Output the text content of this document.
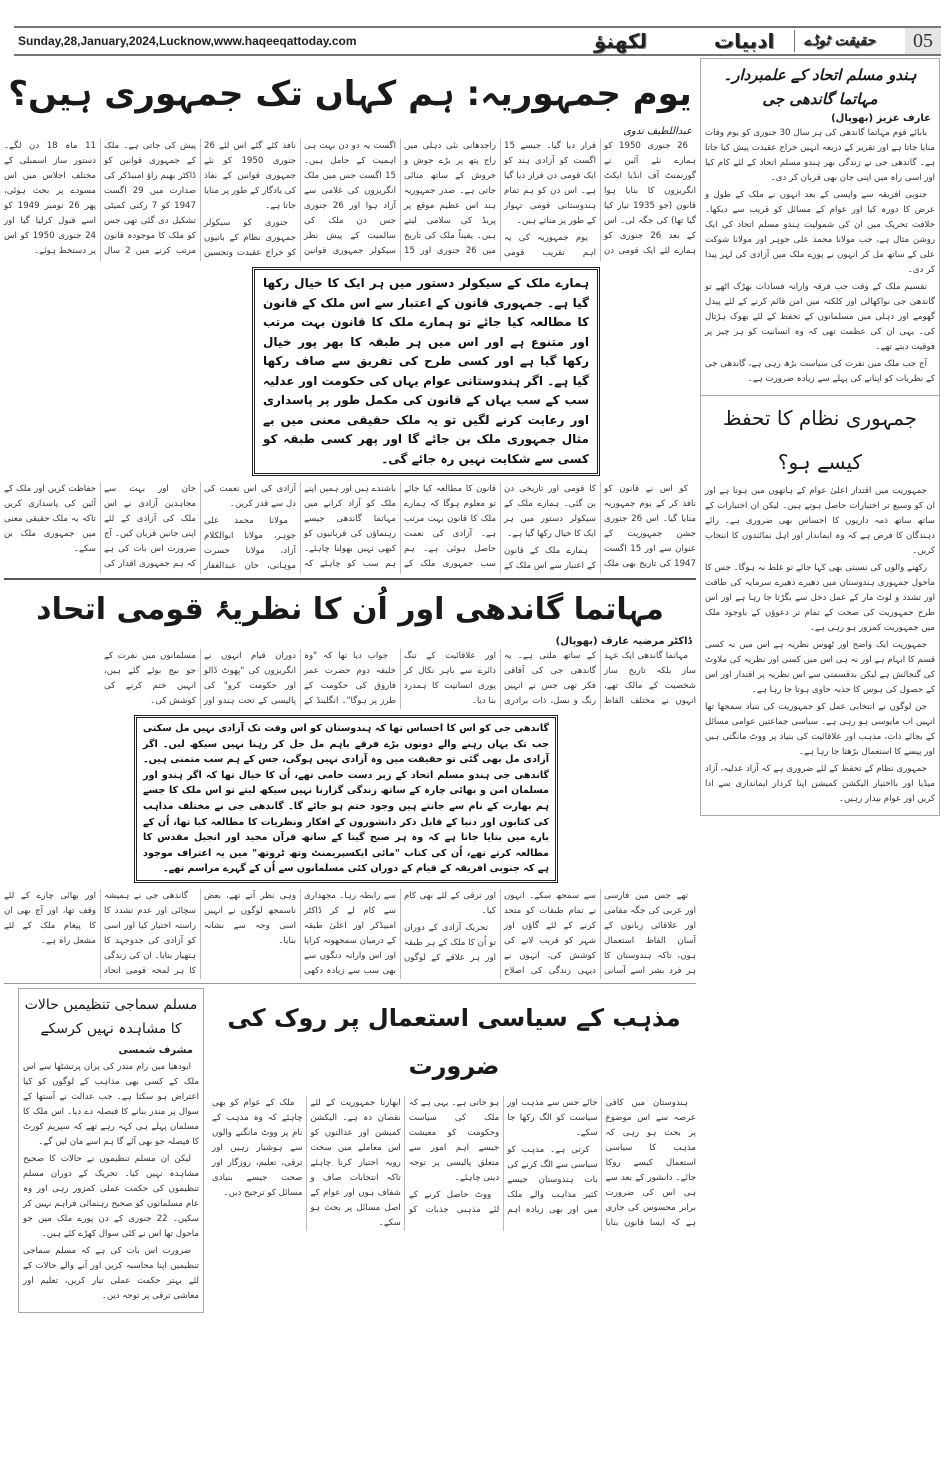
Sunday,28,January,2024,Lucknow,www.haqeeqattoday.com	لکھنؤ	ادبیات حقیقت ٹوڈے	05
یوم جمہوریہ: ہم کہاں تک جمہوری ہیں؟
عبداللطیف ندوی

26 جنوری 1950 کو ہمارے نئے آئین نے گورنمنٹ آف انڈیا ایکٹ انگریزوں کا بنایا ہوا قانون (جو 1935 تیار کیا گیا تھا) کی جگہ لی۔ اس کے بعد 26 جنوری کو ہمارے لئے ایک قومی دن قرار دیا گیا۔ جیسے 15 اگست کو آزادی ہند کو ایک قومی دن قرار دیا گیا ہے۔ اس دن کو ہم تمام ہندوستانی قومی تہوار کے طور پر مناتے ہیں۔

یوم جمہوریہ کی یہ اہم تقریب قومی راجدھانی نئی دہلی میں راج پتھ پر بڑے جوش و خروش کے ساتھ منائی جاتی ہے۔ صدر جمہوریہ ہند اس عظیم موقع پر پریڈ کی سلامی لیتے ہیں۔ یقیناً ملک کی تاریخ میں 26 جنوری اور 15 اگست یہ دو دن بہت ہی اہمیت کے حامل ہیں۔ 15 اگست جس میں ملک انگریزوں کی غلامی سے آزاد ہوا اور 26 جنوری جس دن ملک کی سالمیت کے پیش نظر سیکولر جمہوری قوانین نافذ کئے گئے اس لئے 26 جنوری 1950 کو نئے جمہوری قوانین کے نفاذ کی یادگار کے طور پر منایا جاتا ہے۔

جنوری کو سیکولر جمہوری نظام کے بانیوں کو خراج عقیدت وتحسین پیش کی جاتی ہے۔ ملک کے جمہوری قوانین کو ڈاکٹر بھیم راؤ امبیڈکر کی صدارت میں 29 اگست 1947 کو 7 رکنی کمیٹی تشکیل دی گئی تھی جس کو ملک کا موجودہ قانون مرتب کرنے میں 2 سال 11 ماہ 18 دن لگے۔ دستور ساز اسمبلی کے مختلف اجلاس میں اس مسودے پر بحث ہوئی، پھر 26 نومبر 1949 کو اسے قبول کرلیا گیا اور 24 جنوری 1950 کو اس پر دستخط ہوئے۔

ہمارے ملک کے سیکولر دستور میں ہر ایک کا خیال رکھا گیا ہے۔ جمہوری قانون کے اعتبار سے اس ملک کے قانون کا مطالعہ کیا جائے تو ہمارے ملک کا قانون بہت مرتب اور متنوع ہے اور اس میں ہر طبقہ کا بھر پور خیال رکھا گیا ہے اور کسی طرح کی تفریق سے صاف رکھا گیا ہے۔ اگر ہندوستانی عوام یہاں کی حکومت اور عدلیہ سب کے سب یہاں کے قانون کی مکمل طور پر پاسداری اور رعایت کرنے لگیں تو یہ ملک حقیقی معنی میں بے مثال جمہوری ملک بن جائے گا اور پھر کسی طبقہ کو کسی سے شکایت نہیں رہ جائے گی۔

کو اس نے قانون کو نافذ کر کے یوم جمہوریہ منایا گیا۔ اس 26 جنوری جشن جمہوریت کے عنوان سے اور 15 اگست 1947 کی تاریخ بھی ملک کا قومی اور تاریخی دن بن گئی۔ ہمارے ملک کے سیکولر دستور میں ہر ایک کا خیال رکھا گیا ہے۔

ہمارے ملک کے قانون کے اعتبار سے اس ملک کے قانون کا مطالعہ کیا جائے تو معلوم ہوگا کہ ہمارے ملک کا قانون بہت مرتب ہے۔ آزادی کی نعمت حاصل ہوئی ہے۔ ہم سب جمہوری ملک کے باشندے ہیں اور ہمیں اپنے ملک کو آزاد کرانے میں مہاتما گاندھی جیسے رہنماؤں کی قربانیوں کو کبھی نہیں بھولنا چاہئے۔ ہم سب کو چاہئے کہ آزادی کی اس نعمت کی دل سے قدر کریں۔

مولانا محمد علی جوہر، مولانا ابوالکلام آزاد، مولانا حسرت موہانی، خان عبدالغفار خان اور بہت سے مجاہدین آزادی نے اس ملک کی آزادی کے لئے اپنی جانیں قربان کیں۔ آج ضرورت اس بات کی ہے کہ ہم جمہوری اقدار کی حفاظت کریں اور ملک کے آئین کی پاسداری کریں تاکہ یہ ملک حقیقی معنی میں جمہوری ملک بن سکے۔

مہاتما گاندھی اور اُن کا نظریۂ قومی اتحاد
ڈاکٹر مرضیہ عارف (بھوپال)

مہاتما گاندھی ایک عہد ساز بلکہ تاریخ ساز شخصیت کے مالک تھے، انہوں نے مختلف الفاظ کے ساتھ ملتی ہے۔ یہ گاندھی جی کی آفاقی فکر تھی جس نے انہیں رنگ و نسل، ذات برادری اور علاقائیت کے تنگ دائرے سے باہر نکال کر پوری انسانیت کا ہمدرد بنا دیا۔

جواب دیا تھا کہ "وہ خلیفہ دوم حضرت عمر فاروق کی حکومت کے طرز پر ہوگا"۔ انگلینڈ کے دوران قیام انہوں نے انگریزوں کی "پھوٹ ڈالو اور حکومت کرو" کی پالیسی کے تحت ہندو اور مسلمانوں میں نفرت کے جو بیج بوئے گئے ہیں، انہیں ختم کرنے کی کوشش کی۔

گاندھی جی کو اس کا احساس تھا کہ ہندوستان کو اس وقت تک آزادی نہیں مل سکتی جب تک یہاں رہنے والے دونوں بڑے فرقے باہم مل جل کر رہنا نہیں سیکھ لیں۔ اگر آزادی مل بھی گئی تو حقیقت میں وہ آزادی نہیں ہوگی، جس کے ہم سب متمنی ہیں۔ گاندھی جی ہندو مسلم اتحاد کے زبر دست حامی تھے، اُن کا خیال تھا کہ اگر ہندو اور مسلمان امن و بھائی چارہ کے ساتھ زندگی گزارنا نہیں سیکھ لیتے تو اس ملک کا جسے ہم بھارت کے نام سے جانتے ہیں وجود ختم ہو جائے گا۔ گاندھی جی نے مختلف مذاہب کی کتابوں اور دنیا کے قابل ذکر دانشوروں کے افکار ونظریات کا مطالعہ کیا تھا، اُن کے بارے میں بتایا جاتا ہے کہ وہ ہر صبح گیتا کے ساتھ قرآن مجید اور انجیل مقدس کا مطالعہ کرتے تھے، اُن کی کتاب "مائی ایکسپریمنٹ وتھ ٹروتھ" میں یہ اعتراف موجود ہے کہ جنوبی افریقہ کے قیام کے دوران کئی مسلمانوں سے اُن کے گہرے مراسم تھے۔

تھے جس میں فارسی اور عربی کی جگہ مقامی اور علاقائی زبانوں کے آسان الفاظ استعمال ہوں، تاکہ ہندوستان کا ہر فرد بشر اسے آسانی سے سمجھ سکے۔ انہوں نے تمام طبقات کو متحد کرنے کے لئے گاؤں اور شہر کو قریب لانے کی کوشش کی، انہوں نے دیہی زندگی کی اصلاح اور ترقی کے لئے بھی کام کیا۔

تحریک آزادی کے دوران تو اُن کا ملک کے ہر طبقہ اور ہر علاقے کے لوگوں سے رابطہ رہا۔ مجھداری سے کام لے کر ڈاکٹر امبیڈکر اور اعلیٰ طبقہ کے درمیان سمجھوتہ کرایا اور اس وارانہ دنگوں سے بھی سب سے زیادہ دکھی وہی نظر آتے تھے، بعض ناسمجھ لوگوں نے انہیں اسی وجہ سے نشانہ بنایا۔

گاندھی جی نے ہمیشہ سچائی اور عدم تشدد کا راستہ اختیار کیا اور اسی کو آزادی کی جدوجہد کا ہتھیار بنایا۔ ان کی زندگی کا ہر لمحہ قومی اتحاد اور بھائی چارے کے لئے وقف تھا، اور آج بھی ان کا پیغام ملک کے لئے مشعل راہ ہے۔

مسلم سماجی تنظیمیں حالات کا مشاہدہ نہیں کرسکے
مشرف شمسی

ایودھیا میں رام مندر کی پران پرتشٹھا سے اس ملک کے کسی بھی مذاہب کے لوگوں کو کیا اعتراض ہو سکتا ہے۔ جب عدالت نے آستھا کے سوال پر مندر بنانے کا فیصلہ دے دیا۔ اس ملک کا مسلمان پہلے ہی کہہ رہے تھے کہ سپریم کورٹ کا فیصلہ جو بھی آئے گا ہم اسے مان لیں گے۔

لیکن ان مسلم تنظیموں نے حالات کا صحیح مشاہدہ نہیں کیا۔ تحریک کے دوران مسلم تنظیموں کی حکمت عملی کمزور رہی اور وہ عام مسلمانوں کو صحیح رہنمائی فراہم نہیں کر سکیں۔ 22 جنوری کے دن پورے ملک میں جو ماحول تھا اس نے کئی سوال کھڑے کئے ہیں۔

ضرورت اس بات کی ہے کہ مسلم سماجی تنظیمیں اپنا محاسبہ کریں اور آنے والے حالات کے لئے بہتر حکمت عملی تیار کریں، تعلیم اور معاشی ترقی پر توجہ دیں۔

مذہب کے سیاسی استعمال پر روک کی ضرورت

ہندوستان میں کافی عرصہ سے اس موضوع پر بحث ہو رہی کہ مذہب کا سیاسی استعمال کیسے روکا جائے۔ دانشور کے بعد سے ہی اس کی ضرورت برابر محسوس کی جاری ہے کہ ایسا قانون بنایا جائے جس سے مذہب اور سیاست کو الگ رکھا جا سکے۔

کرتی ہے۔ مذہب کو سیاسی سے الگ کرنے کی بات ہندوستان جیسے کثیر مذاہب والے ملک میں اور بھی زیادہ اہم ہو جاتی ہے۔ یہی ہے کہ ملک کی سیاست وحکومت کو معیشت جیسے اہم امور سے متعلق پالیسی پر توجہ دینی چاہئے۔

ووٹ حاصل کرنے کے لئے مذہبی جذبات کو ابھارنا جمہوریت کے لئے نقصان دہ ہے۔ الیکشن کمیشن اور عدالتوں کو اس معاملے میں سخت رویہ اختیار کرنا چاہئے تاکہ انتخابات صاف و شفاف ہوں اور عوام کے اصل مسائل پر بحث ہو سکے۔

ملک کے عوام کو بھی چاہئے کہ وہ مذہب کے نام پر ووٹ مانگنے والوں سے ہوشیار رہیں اور ترقی، تعلیم، روزگار اور صحت جیسے بنیادی مسائل کو ترجیح دیں۔

ہندو مسلم اتحاد کے علمبردار۔ مہاتما گاندھی جی
عارف عزیز (بھوپال)

بابائے قوم مہاتما گاندھی کی ہر سال 30 جنوری کو یوم وفات منایا جاتا ہے اور تقریر کے ذریعہ انہیں خراج عقیدت پیش کیا جاتا ہے۔ گاندھی جی نے زندگی بھر ہندو مسلم اتحاد کے لئے کام کیا اور اسی راہ میں اپنی جان بھی قربان کر دی۔

جنوبی افریقہ سے واپسی کے بعد انہوں نے ملک کے طول و عرض کا دورہ کیا اور عوام کے مسائل کو قریب سے دیکھا۔ خلافت تحریک میں ان کی شمولیت ہندو مسلم اتحاد کی ایک روشن مثال ہے، جب مولانا محمد علی جوہر اور مولانا شوکت علی کے ساتھ مل کر انہوں نے پورے ملک میں آزادی کی لہر پیدا کر دی۔

تقسیم ملک کے وقت جب فرقہ وارانہ فسادات بھڑک اٹھے تو گاندھی جی نواکھالی اور کلکتہ میں امن قائم کرنے کے لئے پیدل گھومے اور دہلی میں مسلمانوں کے تحفظ کے لئے بھوک ہڑتال کی۔ یہی ان کی عظمت تھی کہ وہ انسانیت کو ہر چیز پر فوقیت دیتے تھے۔

آج جب ملک میں نفرت کی سیاست بڑھ رہی ہے، گاندھی جی کے نظریات کو اپنانے کی پہلے سے زیادہ ضرورت ہے۔

جمہوری نظام کا تحفظ کیسے ہو؟

جمہوریت میں اقتدار اعلیٰ عوام کے ہاتھوں میں ہوتا ہے اور ان کو وسیع تر اختیارات حاصل ہوتے ہیں۔ لیکن ان اختیارات کے ساتھ ساتھ ذمہ داریوں کا احساس بھی ضروری ہے۔ رائے دہندگان کا فرض ہے کہ وہ ایماندار اور اہل نمائندوں کا انتخاب کریں۔

رکھنے والوں کی نسبتی بھی کہا جائے تو غلط نہ ہوگا۔ جس کا ماحول جمہوری ہندوستان میں دھیرے دھیرے سرمایہ کی طاقت اور تشدد و لوٹ مار کے عمل دخل سے بگڑتا جا رہا ہے اور اس طرح جمہوریت کی صحت کے تمام تر دعوؤں کے باوجود ملک میں جمہوریت کمزور ہو رہی ہے۔

جمہوریت ایک واضح اور ٹھوس نظریہ ہے اس میں نہ کسی قسم کا ابہام ہے اور نہ ہی اس میں کسی اور نظریہ کی ملاوٹ کی گنجائش ہے لیکن بدقسمتی سے اس نظریہ پر اقتدار اور اس کے حصول کی ہوس کا جذبہ حاوی ہوتا جا رہا ہے۔

جن لوگوں نے انتخابی عمل کو جمہوریت کی بنیاد سمجھا تھا انہیں اب مایوسی ہو رہی ہے۔ سیاسی جماعتیں عوامی مسائل کے بجائے ذات، مذہب اور علاقائیت کی بنیاد پر ووٹ مانگتی ہیں اور پیسے کا استعمال بڑھتا جا رہا ہے۔

جمہوری نظام کے تحفظ کے لئے ضروری ہے کہ آزاد عدلیہ، آزاد میڈیا اور بااختیار الیکشن کمیشن اپنا کردار ایمانداری سے ادا کریں اور عوام بیدار رہیں۔
